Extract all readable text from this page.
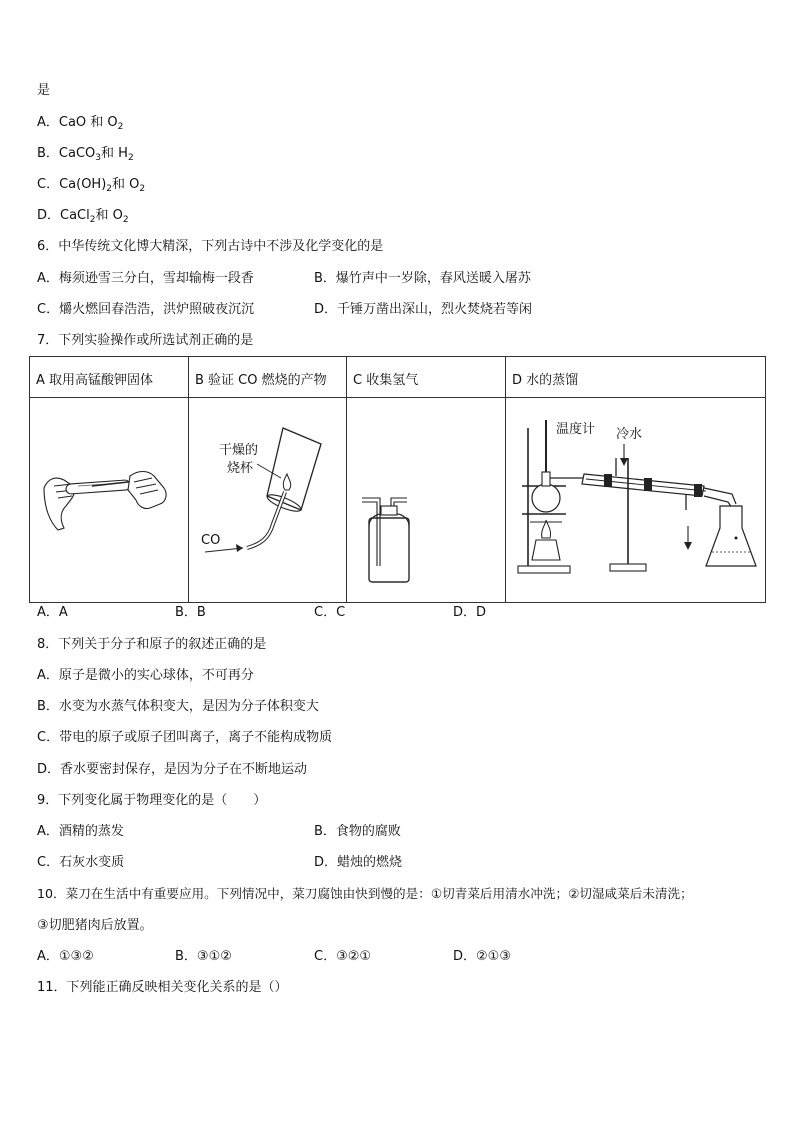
是
A．CaO 和 $O_2$
B．CaCO$_3$和 $H_2$
C．$Ca(OH)_2$和 $O_2$
D．CaCl$_2$和 $O_2$
6．中华传统文化博大精深，下列古诗中不涉及化学变化的是
A．梅须逊雪三分白，雪却输梅一段香	B．爆竹声中一岁除，春风送暖入屠苏
C．爝火燃回春浩浩，洪炉照破夜沉沉	D．千锤万凿出深山，烈火焚烧若等闲
7．下列实验操作或所选试剂正确的是
A 取用高锰酸钾固体	B 验证 CO 燃烧的产物	C 收集氢气	D 水的蒸馏

干燥的
烧杯
CO		温度计 冷水
A．A	B．B	C．C	D．D
8．下列关于分子和原子的叙述正确的是
A．原子是微小的实心球体，不可再分
B．水变为水蒸气体积变大，是因为分子体积变大
C．带电的原子或原子团叫离子，离子不能构成物质
D．香水要密封保存，是因为分子在不断地运动
9．下列变化属于物理变化的是（　　）
A．酒精的蒸发	B．食物的腐败
C．石灰水变质	D．蜡烛的燃烧
10．菜刀在生活中有重要应用。下列情况中，菜刀腐蚀由快到慢的是：①切青菜后用清水冲洗；②切湿咸菜后未清洗；
③切肥猪肉后放置。
A．①③②	B．③①②	C．③②①	D．②①③
11．下列能正确反映相关变化关系的是（）
